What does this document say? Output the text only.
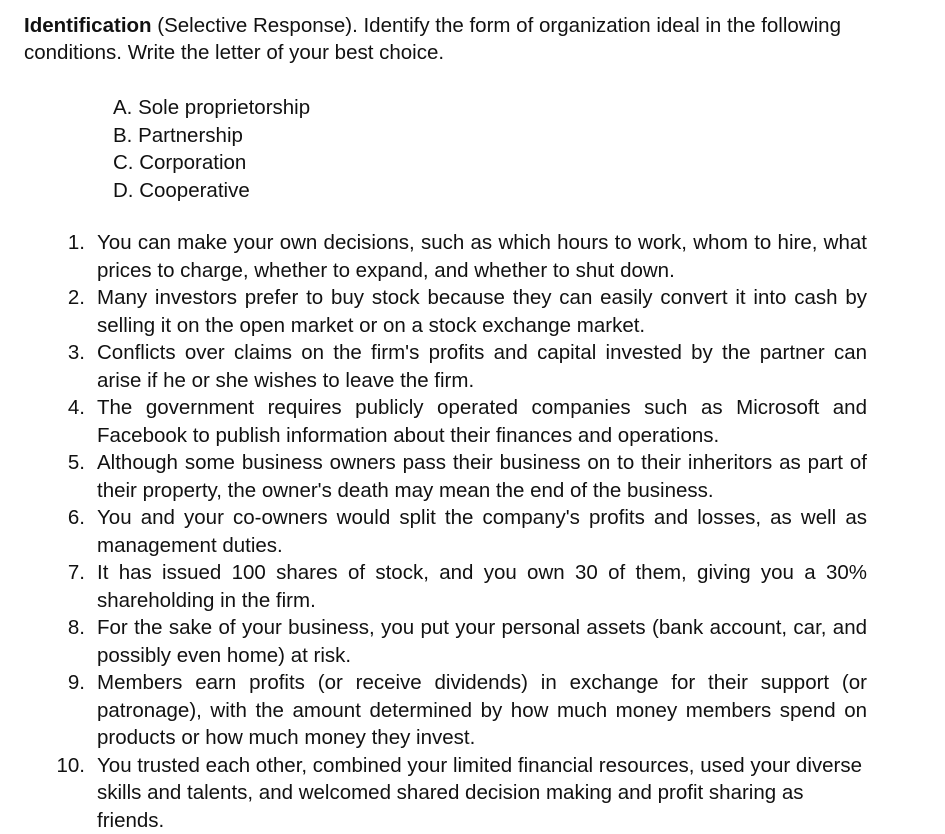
Identification (Selective Response). Identify the form of organization ideal in the following conditions. Write the letter of your best choice.

A. Sole proprietorship
B. Partnership
C. Corporation
D. Cooperative
1. You can make your own decisions, such as which hours to work, whom to hire, what prices to charge, whether to expand, and whether to shut down.
2. Many investors prefer to buy stock because they can easily convert it into cash by selling it on the open market or on a stock exchange market.
3. Conflicts over claims on the firm's profits and capital invested by the partner can arise if he or she wishes to leave the firm.
4. The government requires publicly operated companies such as Microsoft and Facebook to publish information about their finances and operations.
5. Although some business owners pass their business on to their inheritors as part of their property, the owner's death may mean the end of the business.
6. You and your co-owners would split the company's profits and losses, as well as management duties.
7. It has issued 100 shares of stock, and you own 30 of them, giving you a 30% shareholding in the firm.
8. For the sake of your business, you put your personal assets (bank account, car, and possibly even home) at risk.
9. Members earn profits (or receive dividends) in exchange for their support (or patronage), with the amount determined by how much money members spend on products or how much money they invest.
10. You trusted each other, combined your limited financial resources, used your diverse skills and talents, and welcomed shared decision making and profit sharing as friends.
